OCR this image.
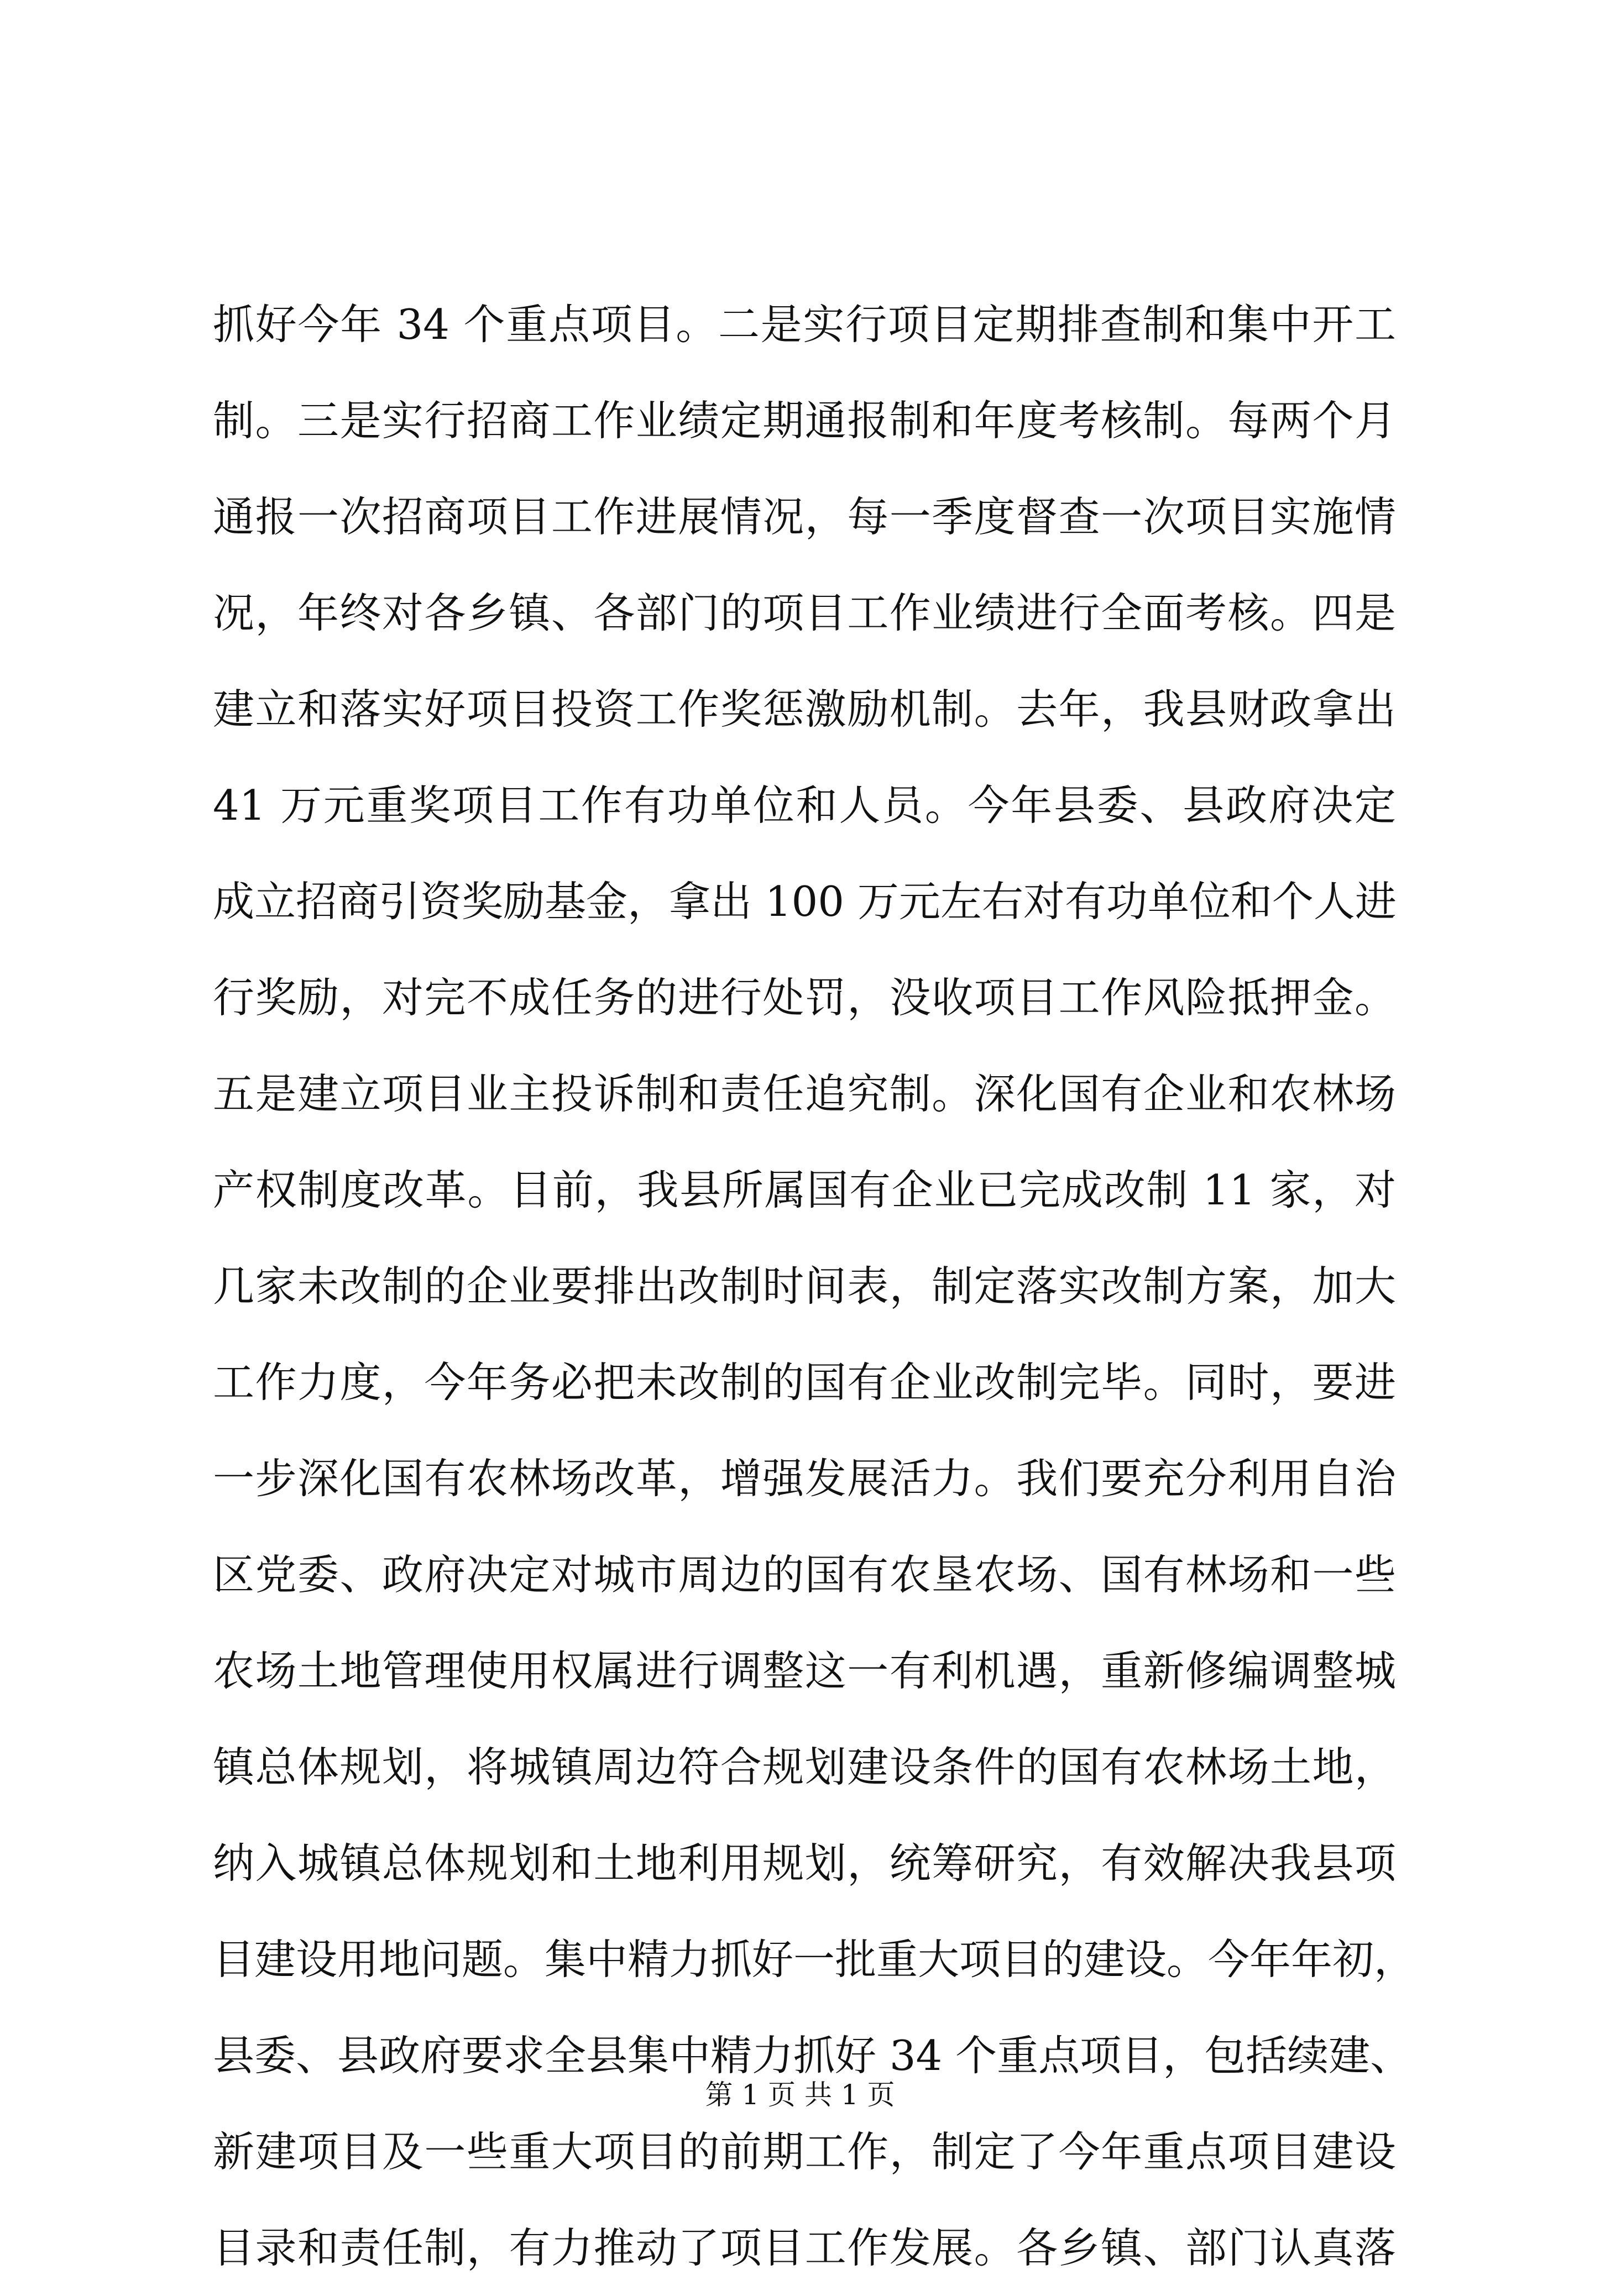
抓好今年 34 个重点项目。二是实行项目定期排查制和集中开工
制。三是实行招商工作业绩定期通报制和年度考核制。每两个月
通报一次招商项目工作进展情况，每一季度督查一次项目实施情
况，年终对各乡镇、各部门的项目工作业绩进行全面考核。四是
建立和落实好项目投资工作奖惩激励机制。去年，我县财政拿出
41 万元重奖项目工作有功单位和人员。今年县委、县政府决定
成立招商引资奖励基金，拿出 100 万元左右对有功单位和个人进
行奖励，对完不成任务的进行处罚，没收项目工作风险抵押金。
五是建立项目业主投诉制和责任追究制。深化国有企业和农林场
产权制度改革。目前，我县所属国有企业已完成改制 11 家，对
几家未改制的企业要排出改制时间表，制定落实改制方案，加大
工作力度，今年务必把未改制的国有企业改制完毕。同时，要进
一步深化国有农林场改革，增强发展活力。我们要充分利用自治
区党委、政府决定对城市周边的国有农垦农场、国有林场和一些
农场土地管理使用权属进行调整这一有利机遇，重新修编调整城
镇总体规划，将城镇周边符合规划建设条件的国有农林场土地，
纳入城镇总体规划和土地利用规划，统筹研究，有效解决我县项
目建设用地问题。集中精力抓好一批重大项目的建设。今年年初，
县委、县政府要求全县集中精力抓好 34 个重点项目，包括续建、
新建项目及一些重大项目的前期工作，制定了今年重点项目建设
目录和责任制，有力推动了项目工作发展。各乡镇、部门认真落
第 1 页 共 1 页
